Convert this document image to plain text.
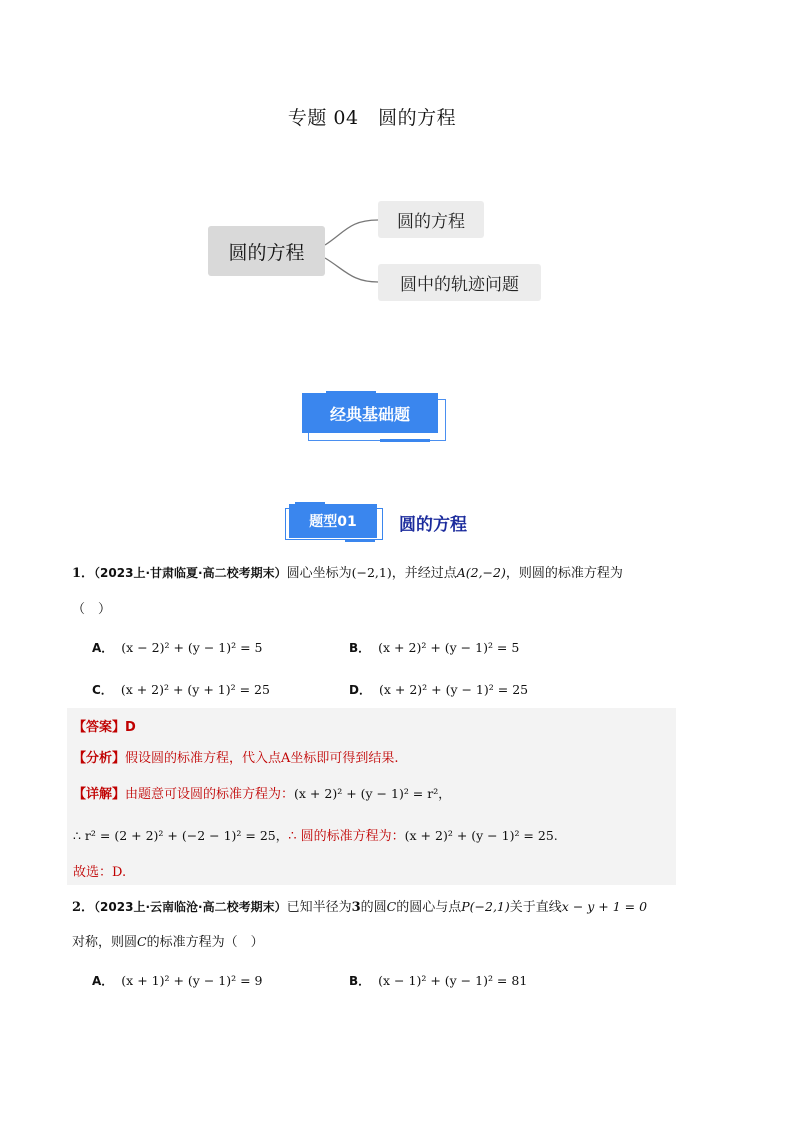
专题 04　圆的方程
圆的方程
圆的方程
圆中的轨迹问题
经典基础题
题型01	圆的方程
1．（2023上·甘肃临夏·高二校考期末）圆心坐标为(−2,1)，并经过点A(2,−2)，则圆的标准方程为
（　）
A． (x − 2)² + (y − 1)² = 5	B． (x + 2)² + (y − 1)² = 5
C． (x + 2)² + (y + 1)² = 25	D． (x + 2)² + (y − 1)² = 25
【答案】D
【分析】假设圆的标准方程，代入点A坐标即可得到结果.
【详解】由题意可设圆的标准方程为：(x + 2)² + (y − 1)² = r²，
∴ r² = (2 + 2)² + (−2 − 1)² = 25，∴ 圆的标准方程为：(x + 2)² + (y − 1)² = 25.
故选：D.
2．（2023上·云南临沧·高二校考期末）已知半径为3的圆C的圆心与点P(−2,1)关于直线x − y + 1 = 0
对称，则圆C的标准方程为（　）
A． (x + 1)² + (y − 1)² = 9	B． (x − 1)² + (y − 1)² = 81
